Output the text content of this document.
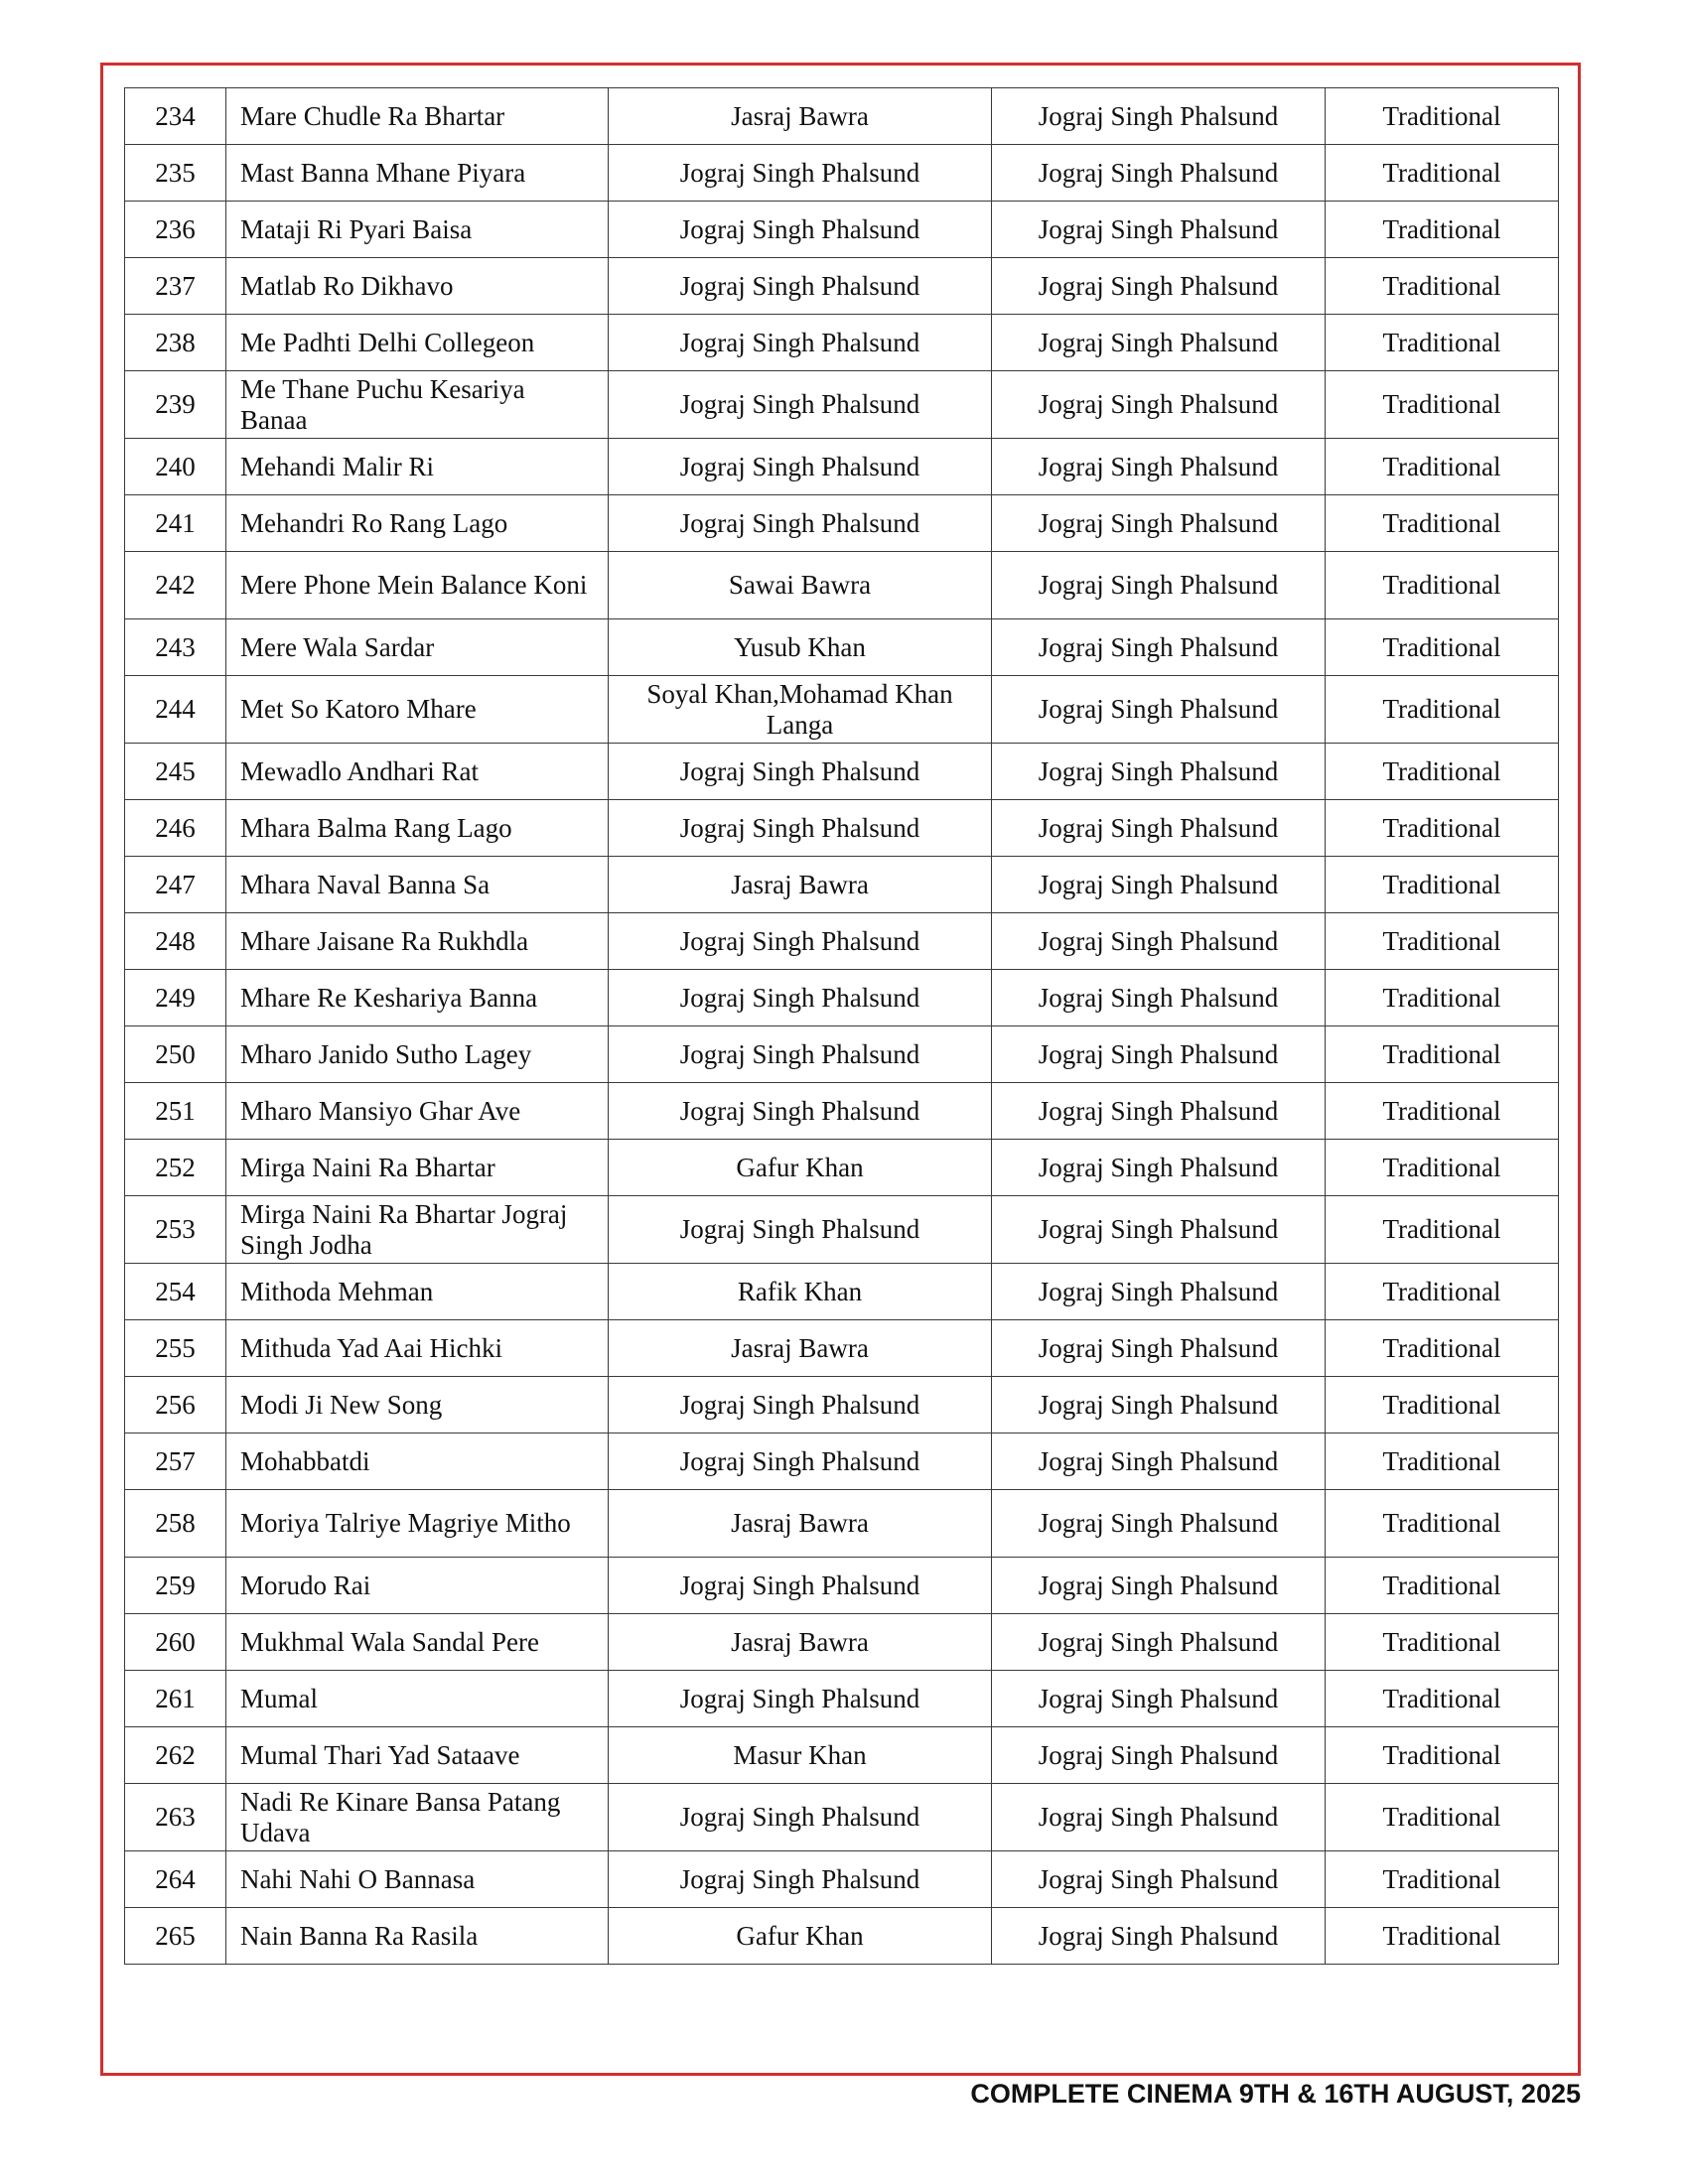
234	Mare Chudle Ra Bhartar	Jasraj Bawra	Jograj Singh Phalsund	Traditional
235	Mast Banna Mhane Piyara	Jograj Singh Phalsund	Jograj Singh Phalsund	Traditional
236	Mataji Ri Pyari Baisa	Jograj Singh Phalsund	Jograj Singh Phalsund	Traditional
237	Matlab Ro Dikhavo	Jograj Singh Phalsund	Jograj Singh Phalsund	Traditional
238	Me Padhti Delhi Collegeon	Jograj Singh Phalsund	Jograj Singh Phalsund	Traditional
239	Me Thane Puchu Kesariya Banaa	Jograj Singh Phalsund	Jograj Singh Phalsund	Traditional
240	Mehandi Malir Ri	Jograj Singh Phalsund	Jograj Singh Phalsund	Traditional
241	Mehandri Ro Rang Lago	Jograj Singh Phalsund	Jograj Singh Phalsund	Traditional
242	Mere Phone Mein Balance Koni	Sawai Bawra	Jograj Singh Phalsund	Traditional
243	Mere Wala Sardar	Yusub Khan	Jograj Singh Phalsund	Traditional
244	Met So Katoro Mhare	Soyal Khan,Mohamad Khan Langa	Jograj Singh Phalsund	Traditional
245	Mewadlo Andhari Rat	Jograj Singh Phalsund	Jograj Singh Phalsund	Traditional
246	Mhara Balma Rang Lago	Jograj Singh Phalsund	Jograj Singh Phalsund	Traditional
247	Mhara Naval Banna Sa	Jasraj Bawra	Jograj Singh Phalsund	Traditional
248	Mhare Jaisane Ra Rukhdla	Jograj Singh Phalsund	Jograj Singh Phalsund	Traditional
249	Mhare Re Keshariya Banna	Jograj Singh Phalsund	Jograj Singh Phalsund	Traditional
250	Mharo Janido Sutho Lagey	Jograj Singh Phalsund	Jograj Singh Phalsund	Traditional
251	Mharo Mansiyo Ghar Ave	Jograj Singh Phalsund	Jograj Singh Phalsund	Traditional
252	Mirga Naini Ra Bhartar	Gafur Khan	Jograj Singh Phalsund	Traditional
253	Mirga Naini Ra Bhartar Jograj Singh Jodha	Jograj Singh Phalsund	Jograj Singh Phalsund	Traditional
254	Mithoda Mehman	Rafik Khan	Jograj Singh Phalsund	Traditional
255	Mithuda Yad Aai Hichki	Jasraj Bawra	Jograj Singh Phalsund	Traditional
256	Modi Ji New Song	Jograj Singh Phalsund	Jograj Singh Phalsund	Traditional
257	Mohabbatdi	Jograj Singh Phalsund	Jograj Singh Phalsund	Traditional
258	Moriya Talriye Magriye Mitho	Jasraj Bawra	Jograj Singh Phalsund	Traditional
259	Morudo Rai	Jograj Singh Phalsund	Jograj Singh Phalsund	Traditional
260	Mukhmal Wala Sandal Pere	Jasraj Bawra	Jograj Singh Phalsund	Traditional
261	Mumal	Jograj Singh Phalsund	Jograj Singh Phalsund	Traditional
262	Mumal Thari Yad Sataave	Masur Khan	Jograj Singh Phalsund	Traditional
263	Nadi Re Kinare Bansa Patang Udava	Jograj Singh Phalsund	Jograj Singh Phalsund	Traditional
264	Nahi Nahi O Bannasa	Jograj Singh Phalsund	Jograj Singh Phalsund	Traditional
265	Nain Banna Ra Rasila	Gafur Khan	Jograj Singh Phalsund	Traditional
COMPLETE CINEMA 9TH & 16TH AUGUST, 2025
